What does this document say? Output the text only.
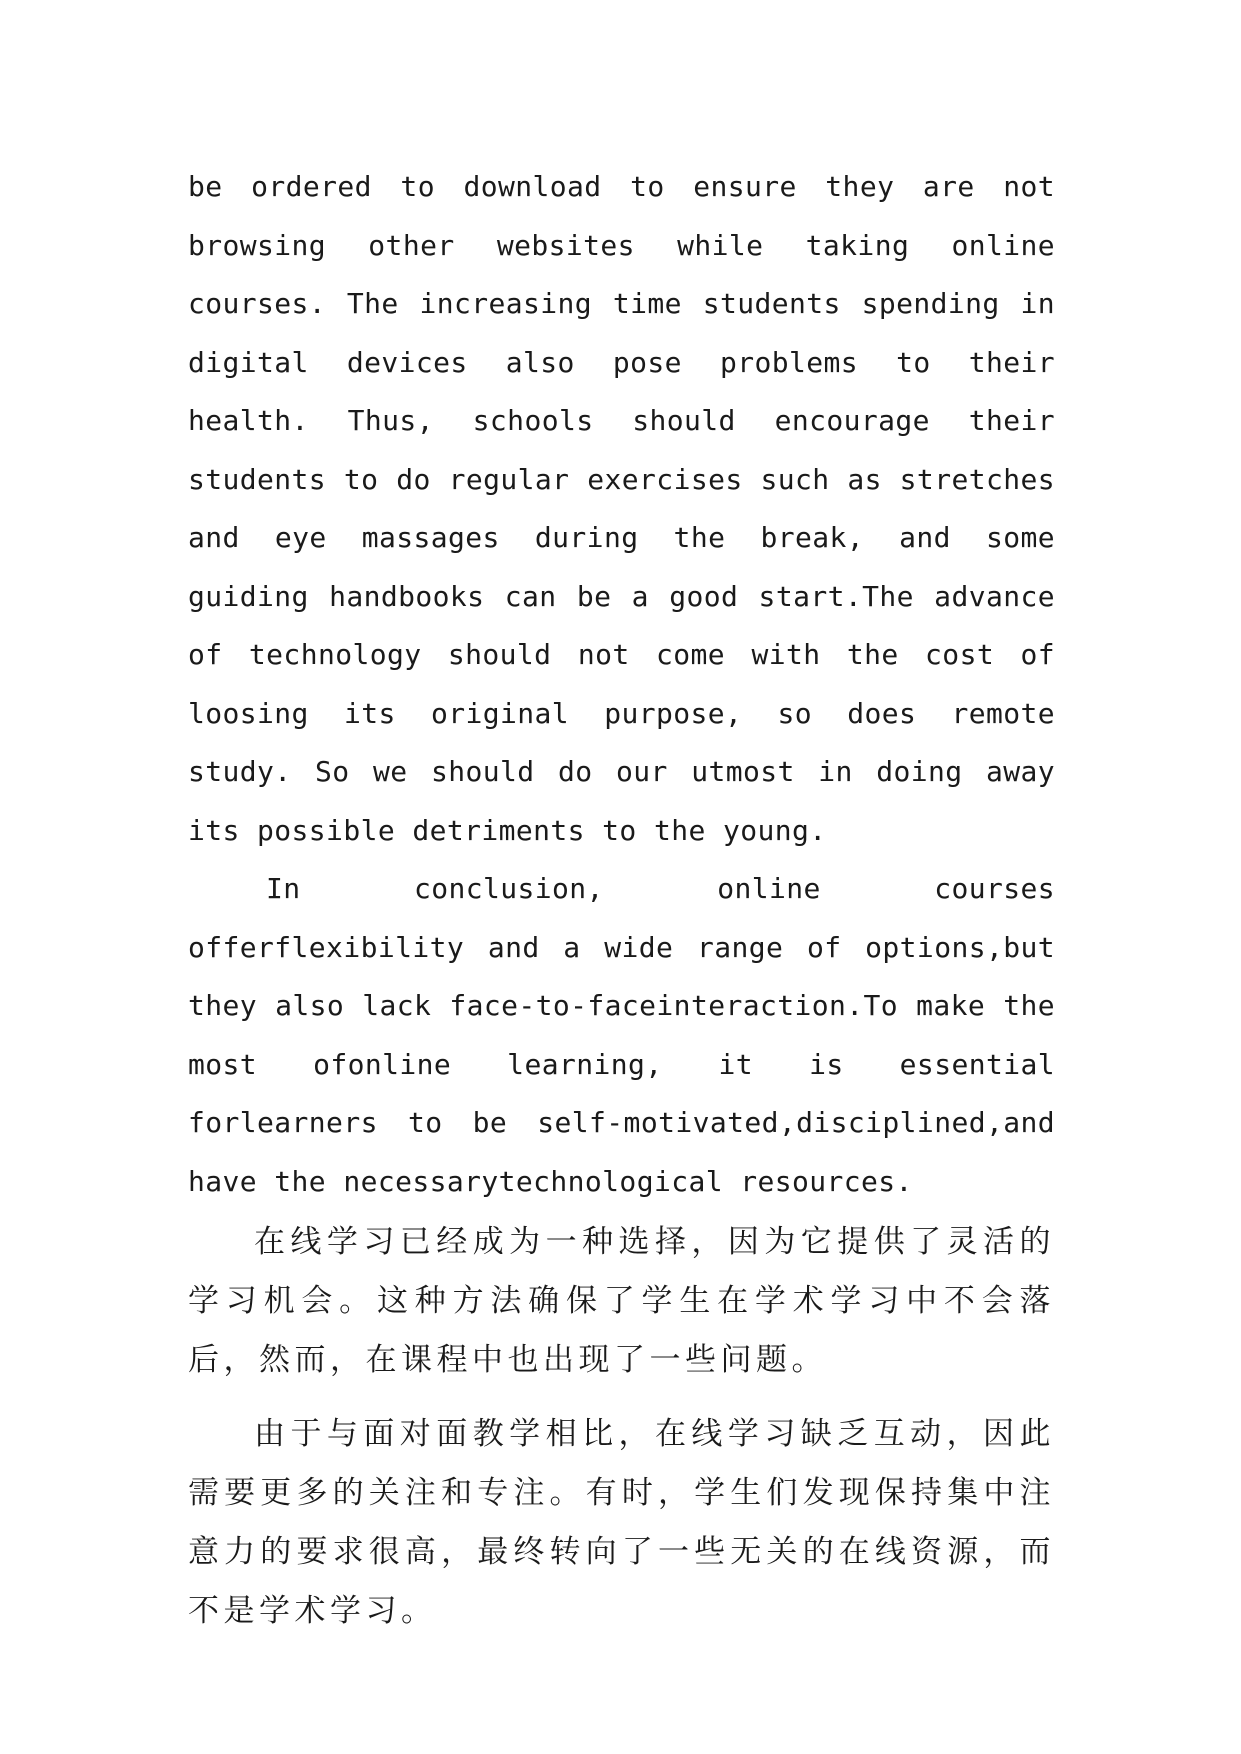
be ordered to download to ensure they are not browsing other websites while taking online courses. The increasing time students spending in digital devices also pose problems to their health. Thus, schools should encourage their students to do regular exercises such as stretches and eye massages during the break, and some guiding handbooks can be a good start.The advance of technology should not come with the cost of loosing its original purpose, so does remote study. So we should do our utmost in doing away its possible detriments to the young.

In conclusion, online courses offerflexibility and a wide range of options,but they also lack face-to-faceinteraction.To make the most ofonline learning, it is essential forlearners to be self-motivated,disciplined,and have the necessarytechnological resources.

在线学习已经成为一种选择，因为它提供了灵活的学习机会。这种方法确保了学生在学术学习中不会落后，然而，在课程中也出现了一些问题。

由于与面对面教学相比，在线学习缺乏互动，因此需要更多的关注和专注。有时，学生们发现保持集中注意力的要求很高，最终转向了一些无关的在线资源，而不是学术学习。
